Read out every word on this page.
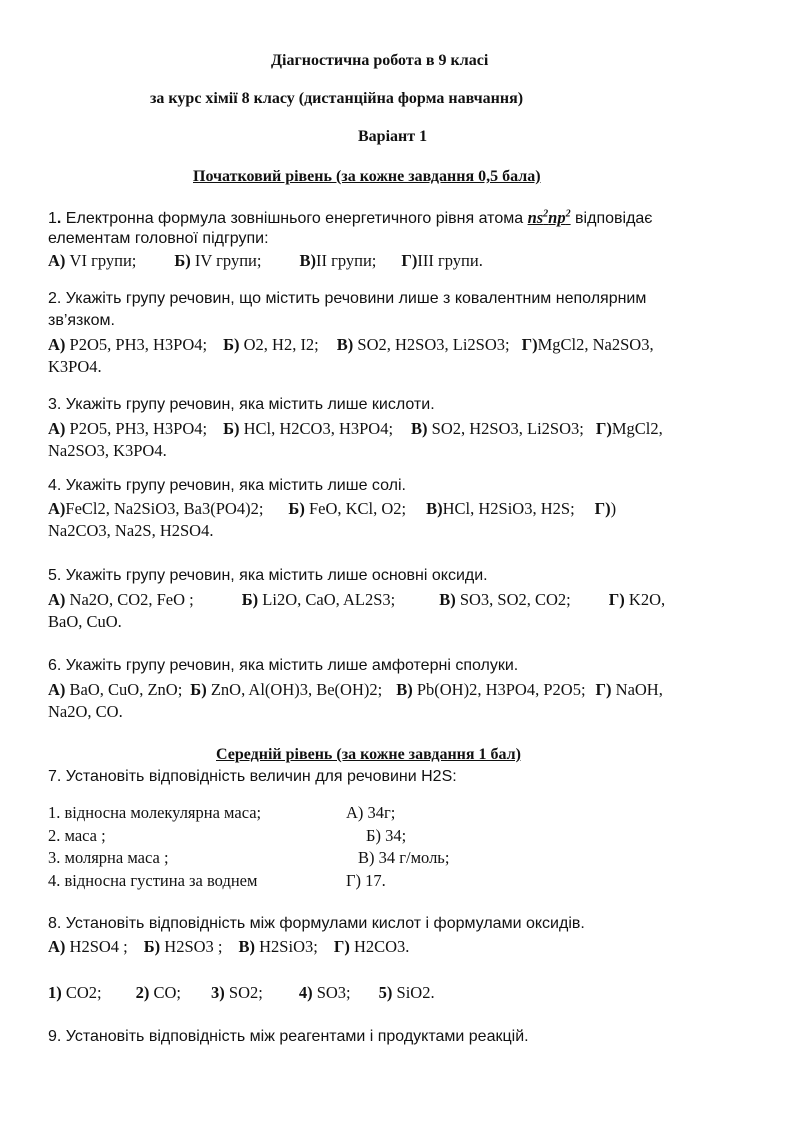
Діагностична робота в 9 класі
за курс хімії 8 класу (дистанційна форма навчання)
Варіант 1
Початковий рівень (за кожне завдання 0,5 бала)
1. Електронна формула зовнішнього енергетичного рівня атома $ns^2np^2$ відповідає
елементам головної підгрупи:
А) VI групи; Б) IV групи; В)ІІ групи; Г)ІІІ групи.
2. Укажіть групу речовин, що містить речовини лише з ковалентним неполярним
зв’язком.
А) P2O5, PH3, H3PO4; Б) O2, H2, I2; В) SO2, H2SO3, Li2SO3; Г)MgCl2, Na2SO3,
K3PO4.
3. Укажіть групу речовин, яка містить лише кислоти.
А) P2O5, PH3, H3PO4; Б) HCl, H2CO3, H3PO4; В) SO2, H2SO3, Li2SO3; Г)MgCl2,
Na2SO3, K3PO4.
4. Укажіть групу речовин, яка містить лише солі.
А)FeCl2, Na2SiO3, Ba3(PO4)2; Б) FeO, KCl, O2; В)HCl, H2SiO3, H2S; Г))
Na2CO3, Na2S, H2SO4.
5. Укажіть групу речовин, яка містить лише основні оксиди.
А) Na2O, CO2, FeO ;	Б) Li2O, CaO, AL2S3;	В) SO3, SO2, CO2; Г) K2O,
BaO, CuO.
6. Укажіть групу речовин, яка містить лише амфотерні сполуки.
А) BaO, CuO, ZnO; Б) ZnO, Al(OH)3, Be(OH)2; В) Pb(OH)2, H3PO4, P2O5; Г) NaOH,
Na2O, CO.
Середній рівень (за кожне завдання 1 бал)
7. Установіть відповідність величин для речовини H2S:
1. відносна молекулярна маса;
2. маса ;
3. молярна маса ;
4. відносна густина за воднем
А) 34г;
Б) 34;
В) 34 г/моль;
Г) 17.
8. Установіть відповідність між формулами кислот і формулами оксидів.
А) H2SO4 ; Б) H2SO3 ; В) H2SiO3; Г) H2CO3.
1) CO2; 2) CO; 3) SO2; 4) SO3; 5) SiO2.
9. Установіть відповідність між реагентами і продуктами реакцій.
